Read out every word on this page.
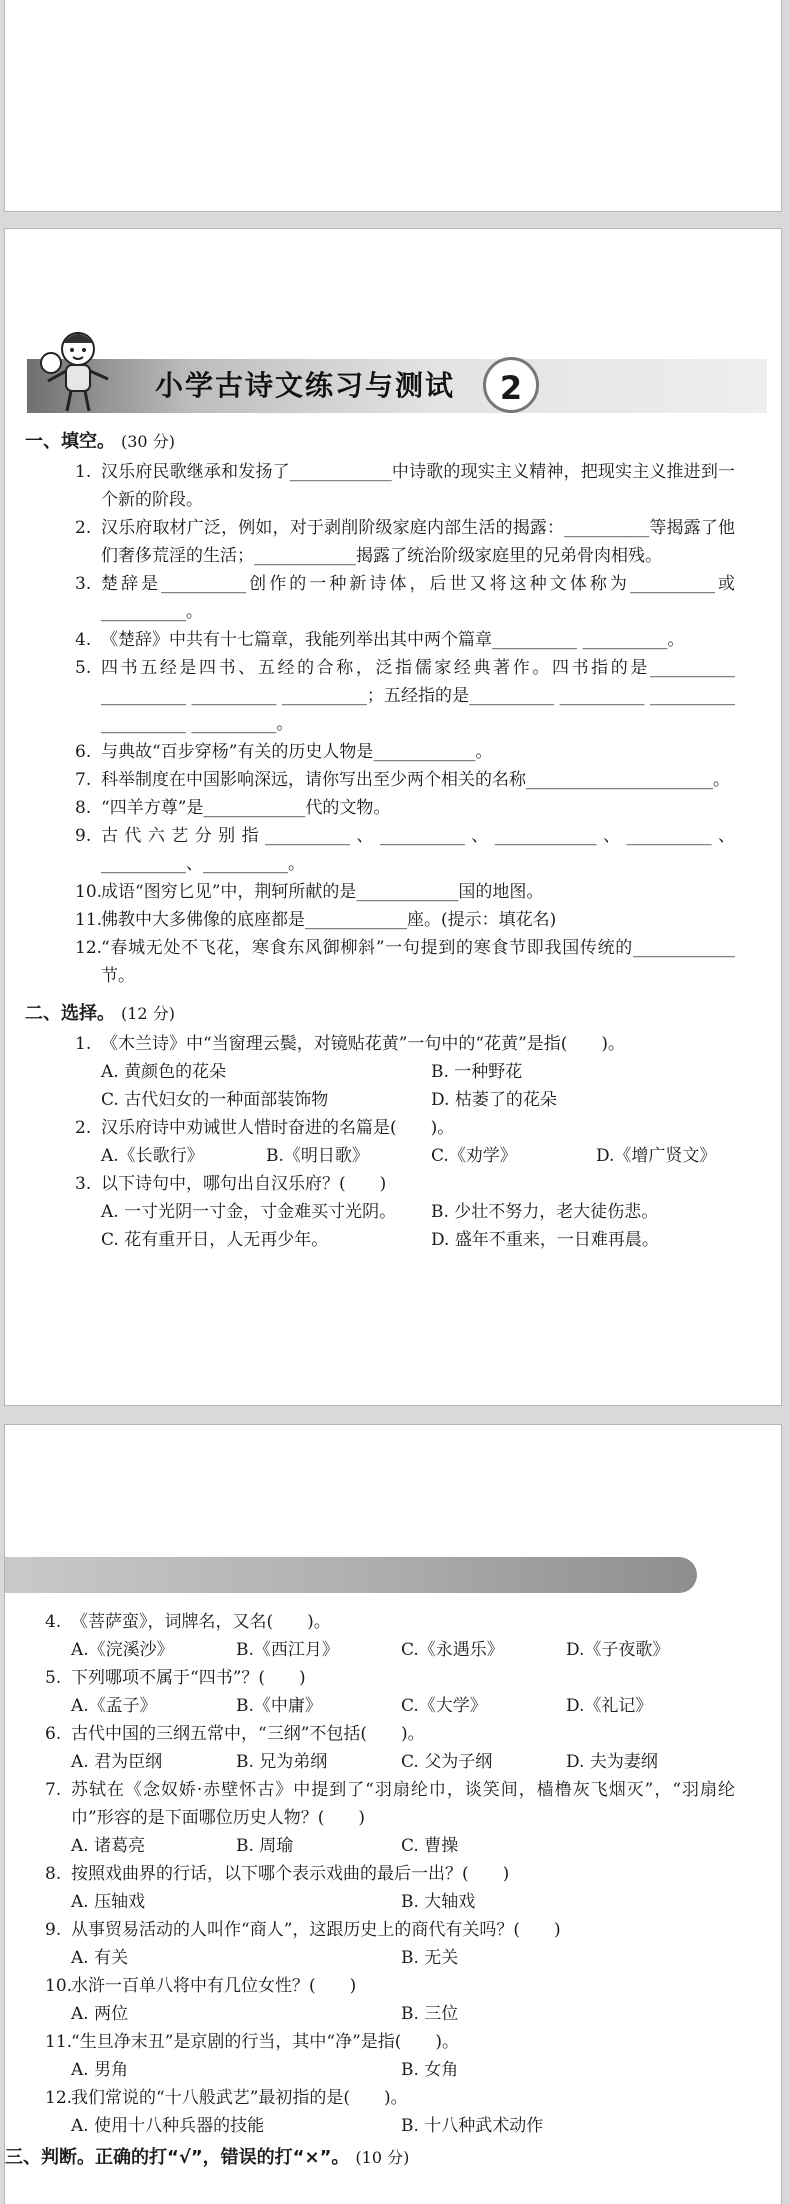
小学古诗文练习与测试	2
一、填空。 (30 分)
1. 汉乐府民歌继承和发扬了____________中诗歌的现实主义精神，把现实主义推进到一个新的阶段。
2. 汉乐府取材广泛，例如，对于剥削阶级家庭内部生活的揭露：__________等揭露了他们奢侈荒淫的生活；____________揭露了统治阶级家庭里的兄弟骨肉相残。
3. 楚辞是__________创作的一种新诗体，后世又将这种文体称为__________或__________。
4. 《楚辞》中共有十七篇章，我能列举出其中两个篇章__________ __________。
5. 四书五经是四书、五经的合称，泛指儒家经典著作。四书指的是__________ __________ __________ __________；五经指的是__________ __________ __________ __________ __________。
6. 与典故“百步穿杨”有关的历史人物是____________。
7. 科举制度在中国影响深远，请你写出至少两个相关的名称______________________。
8. “四羊方尊”是____________代的文物。
9. 古代六艺分别指__________、__________、____________、__________、__________、__________。
10.
成语“图穷匕见”中，荆轲所献的是____________国的地图。
11.
佛教中大多佛像的底座都是____________座。(提示：填花名)
12.
“春城无处不飞花，寒食东风御柳斜”一句提到的寒食节即我国传统的____________节。
二、选择。 (12 分)
1. 《木兰诗》中“当窗理云鬓，对镜贴花黄”一句中的“花黄”是指(　　)。
A. 黄颜色的花朵	B. 一种野花
C. 古代妇女的一种面部装饰物	D. 枯萎了的花朵
2. 汉乐府诗中劝诫世人惜时奋进的名篇是(　　)。
A.《长歌行》	B.《明日歌》	C.《劝学》	D.《增广贤文》
3. 以下诗句中，哪句出自汉乐府？(　　)
A. 一寸光阴一寸金，寸金难买寸光阴。	B. 少壮不努力，老大徒伤悲。
C. 花有重开日，人无再少年。	D. 盛年不重来，一日难再晨。
4. 《菩萨蛮》，词牌名，又名(　　)。
A.《浣溪沙》	B.《西江月》	C.《永遇乐》	D.《子夜歌》
5. 下列哪项不属于“四书”？(　　)
A.《孟子》	B.《中庸》	C.《大学》	D.《礼记》
6. 古代中国的三纲五常中，“三纲”不包括(　　)。
A. 君为臣纲	B. 兄为弟纲	C. 父为子纲	D. 夫为妻纲
7. 苏轼在《念奴娇·赤壁怀古》中提到了“羽扇纶巾，谈笑间，樯橹灰飞烟灭”，“羽扇纶巾”形容的是下面哪位历史人物？(　　)
A. 诸葛亮	B. 周瑜	C. 曹操
8. 按照戏曲界的行话，以下哪个表示戏曲的最后一出？(　　)
A. 压轴戏	B. 大轴戏
9. 从事贸易活动的人叫作“商人”，这跟历史上的商代有关吗？(　　)
A. 有关	B. 无关
10.
水浒一百单八将中有几位女性？(　　)
A. 两位	B. 三位
11.
“生旦净末丑”是京剧的行当，其中“净”是指(　　)。
A. 男角	B. 女角
12.
我们常说的“十八般武艺”最初指的是(　　)。
A. 使用十八种兵器的技能	B. 十八种武术动作
三、判断。正确的打“√”，错误的打“×”。 (10 分)
